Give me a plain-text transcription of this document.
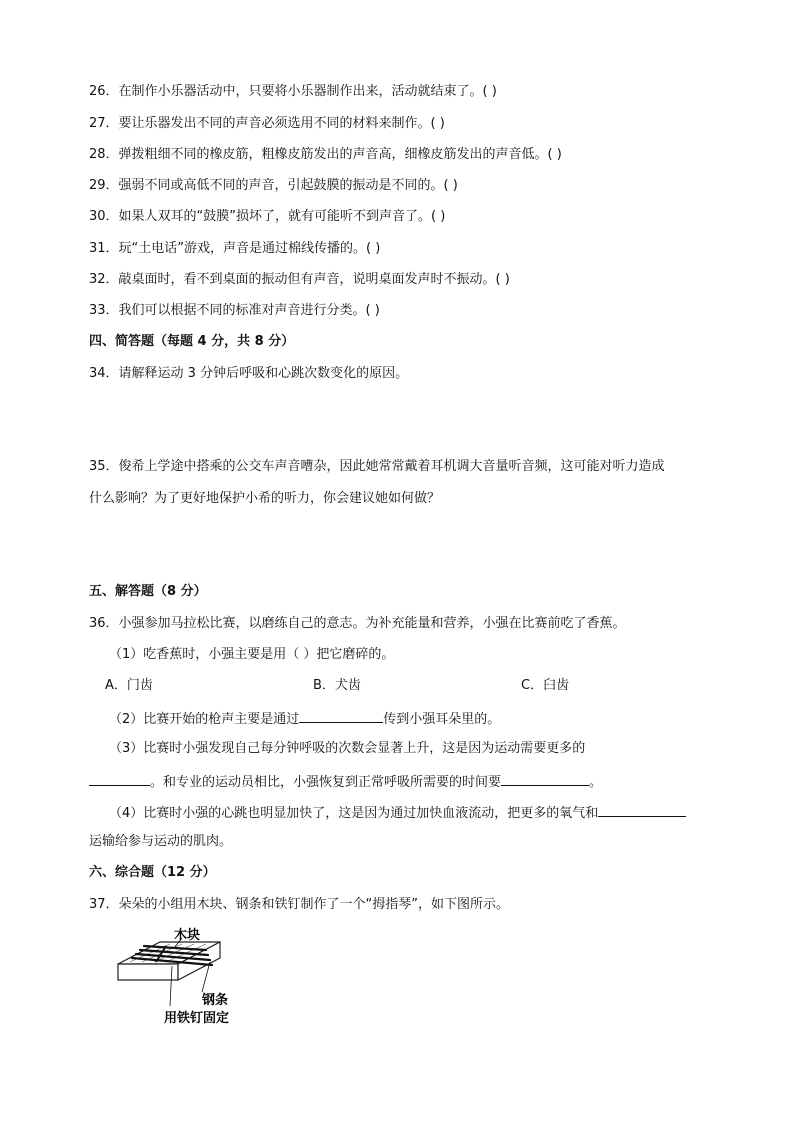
26．在制作小乐器活动中，只要将小乐器制作出来，活动就结束了。( )
27．要让乐器发出不同的声音必须选用不同的材料来制作。( )
28．弹拨粗细不同的橡皮筋，粗橡皮筋发出的声音高，细橡皮筋发出的声音低。( )
29．强弱不同或高低不同的声音，引起鼓膜的振动是不同的。( )
30．如果人双耳的“鼓膜”损坏了，就有可能听不到声音了。( )
31．玩“土电话”游戏，声音是通过棉线传播的。( )
32．敲桌面时，看不到桌面的振动但有声音，说明桌面发声时不振动。( )
33．我们可以根据不同的标准对声音进行分类。( )
四、简答题（每题 4 分，共 8 分）
34．请解释运动 3 分钟后呼吸和心跳次数变化的原因。
35．俊希上学途中搭乘的公交车声音嘈杂，因此她常常戴着耳机调大音量听音频，这可能对听力造成
什么影响？为了更好地保护小希的听力，你会建议她如何做？
五、解答题（8 分）
36．小强参加马拉松比赛，以磨练自己的意志。为补充能量和营养，小强在比赛前吃了香蕉。
（1）吃香蕉时，小强主要是用（ ）把它磨碎的。
A．门齿	B．犬齿	C．臼齿
（2）比赛开始的枪声主要是通过	传到小强耳朵里的。
（3）比赛时小强发现自己每分钟呼吸的次数会显著上升，这是因为运动需要更多的
。和专业的运动员相比，小强恢复到正常呼吸所需要的时间要	。
（4）比赛时小强的心跳也明显加快了，这是因为通过加快血液流动，把更多的氧气和
运输给参与运动的肌肉。
六、综合题（12 分）
37．朵朵的小组用木块、钢条和铁钉制作了一个“拇指琴”，如下图所示。
木块
钢条
用铁钉固定
